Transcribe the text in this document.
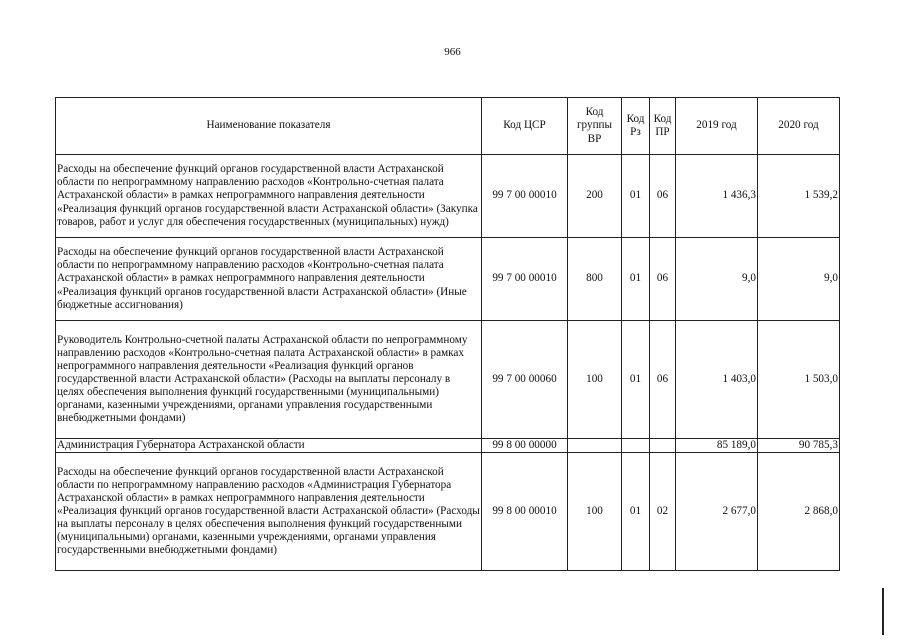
966
Наименование показателя	Код ЦСР	Код группы ВР	Код Рз	Код ПР	2019 год	2020 год
Расходы на обеспечение функций органов государственной власти Астраханской области по непрограммному направлению расходов «Контрольно-счетная палата Астраханской области» в рамках непрограммного направления деятельности «Реализация функций органов государственной власти Астраханской области» (Закупка товаров, работ и услуг для обеспечения государственных (муниципальных) нужд)	99 7 00 00010	200	01	06	1 436,3	1 539,2
Расходы на обеспечение функций органов государственной власти Астраханской области по непрограммному направлению расходов «Контрольно-счетная палата Астраханской области» в рамках непрограммного направления деятельности «Реализация функций органов государственной власти Астраханской области» (Иные бюджетные ассигнования)	99 7 00 00010	800	01	06	9,0	9,0
Руководитель Контрольно-счетной палаты Астраханской области по непрограммному направлению расходов «Контрольно-счетная палата Астраханской области» в рамках непрограммного направления деятельности «Реализация функций органов государственной власти Астраханской области» (Расходы на выплаты персоналу в целях обеспечения выполнения функций государственными (муниципальными) органами, казенными учреждениями, органами управления государственными внебюджетными фондами)	99 7 00 00060	100	01	06	1 403,0	1 503,0
Администрация Губернатора Астраханской области	99 8 00 00000				85 189,0	90 785,3
Расходы на обеспечение функций органов государственной власти Астраханской области по непрограммному направлению расходов «Администрация Губернатора Астраханской области» в рамках непрограммного направления деятельности «Реализация функций органов государственной власти Астраханской области» (Расходы на выплаты персоналу в целях обеспечения выполнения функций государственными (муниципальными) органами, казенными учреждениями, органами управления государственными внебюджетными фондами)	99 8 00 00010	100	01	02	2 677,0	2 868,0
